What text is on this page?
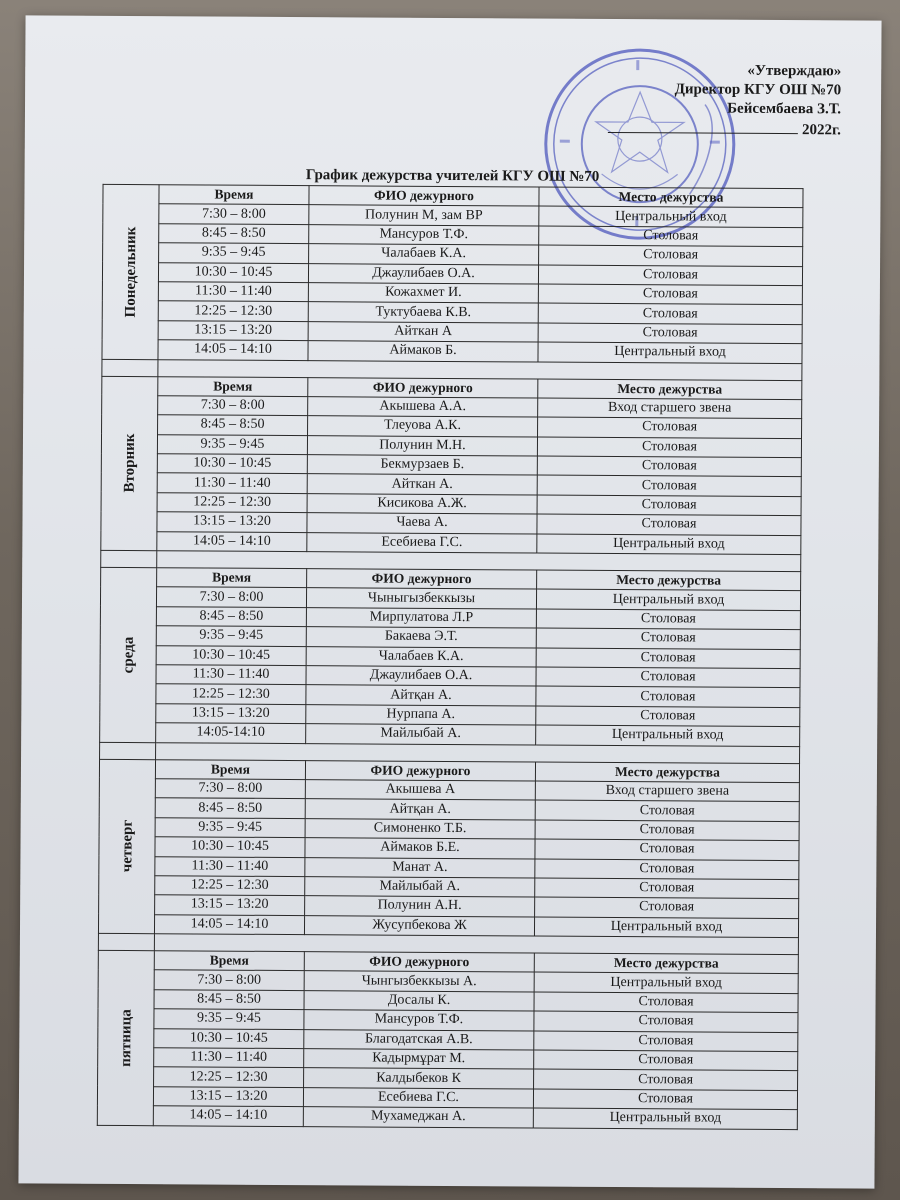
«Утверждаю»
Директор КГУ ОШ №70
Бейсембаева З.Т.
2022г.
График дежурства учителей КГУ ОШ №70
Понедельник	Время	ФИО дежурного	Место дежурства
	7:30 – 8:00	Полунин М, зам ВР	Центральный вход
	8:45 – 8:50	Мансуров Т.Ф.	Столовая
	9:35 – 9:45	Чалабаев К.А.	Столовая
	10:30 – 10:45	Джаулибаев О.А.	Столовая
	11:30 – 11:40	Кожахмет И.	Столовая
	12:25 – 12:30	Туктубаева К.В.	Столовая
	13:15 – 13:20	Айткан А	Столовая
	14:05 – 14:10	Аймаков Б.	Центральный вход

Вторник	Время	ФИО дежурного	Место дежурства
	7:30 – 8:00	Акышева А.А.	Вход старшего звена
	8:45 – 8:50	Тлеуова А.К.	Столовая
	9:35 – 9:45	Полунин М.Н.	Столовая
	10:30 – 10:45	Бекмурзаев Б.	Столовая
	11:30 – 11:40	Айткан А.	Столовая
	12:25 – 12:30	Кисикова А.Ж.	Столовая
	13:15 – 13:20	Чаева А.	Столовая
	14:05 – 14:10	Есебиева Г.С.	Центральный вход

среда	Время	ФИО дежурного	Место дежурства
	7:30 – 8:00	Чыныгызбеккызы	Центральный вход
	8:45 – 8:50	Мирпулатова Л.Р	Столовая
	9:35 – 9:45	Бакаева Э.Т.	Столовая
	10:30 – 10:45	Чалабаев К.А.	Столовая
	11:30 – 11:40	Джаулибаев О.А.	Столовая
	12:25 – 12:30	Айтқан А.	Столовая
	13:15 – 13:20	Нурпапа А.	Столовая
	14:05-14:10	Майлыбай А.	Центральный вход

четверг	Время	ФИО дежурного	Место дежурства
	7:30 – 8:00	Акышева А	Вход старшего звена
	8:45 – 8:50	Айтқан А.	Столовая
	9:35 – 9:45	Симоненко Т.Б.	Столовая
	10:30 – 10:45	Аймаков Б.Е.	Столовая
	11:30 – 11:40	Манат А.	Столовая
	12:25 – 12:30	Майлыбай А.	Столовая
	13:15 – 13:20	Полунин А.Н.	Столовая
	14:05 – 14:10	Жусупбекова Ж	Центральный вход

пятница	Время	ФИО дежурного	Место дежурства
	7:30 – 8:00	Чынгызбеккызы А.	Центральный вход
	8:45 – 8:50	Досалы К.	Столовая
	9:35 – 9:45	Мансуров Т.Ф.	Столовая
	10:30 – 10:45	Благодатская А.В.	Столовая
	11:30 – 11:40	Кадырмұрат М.	Столовая
	12:25 – 12:30	Калдыбеков К	Столовая
	13:15 – 13:20	Есебиева Г.С.	Столовая
	14:05 – 14:10	Мухамеджан А.	Центральный вход
